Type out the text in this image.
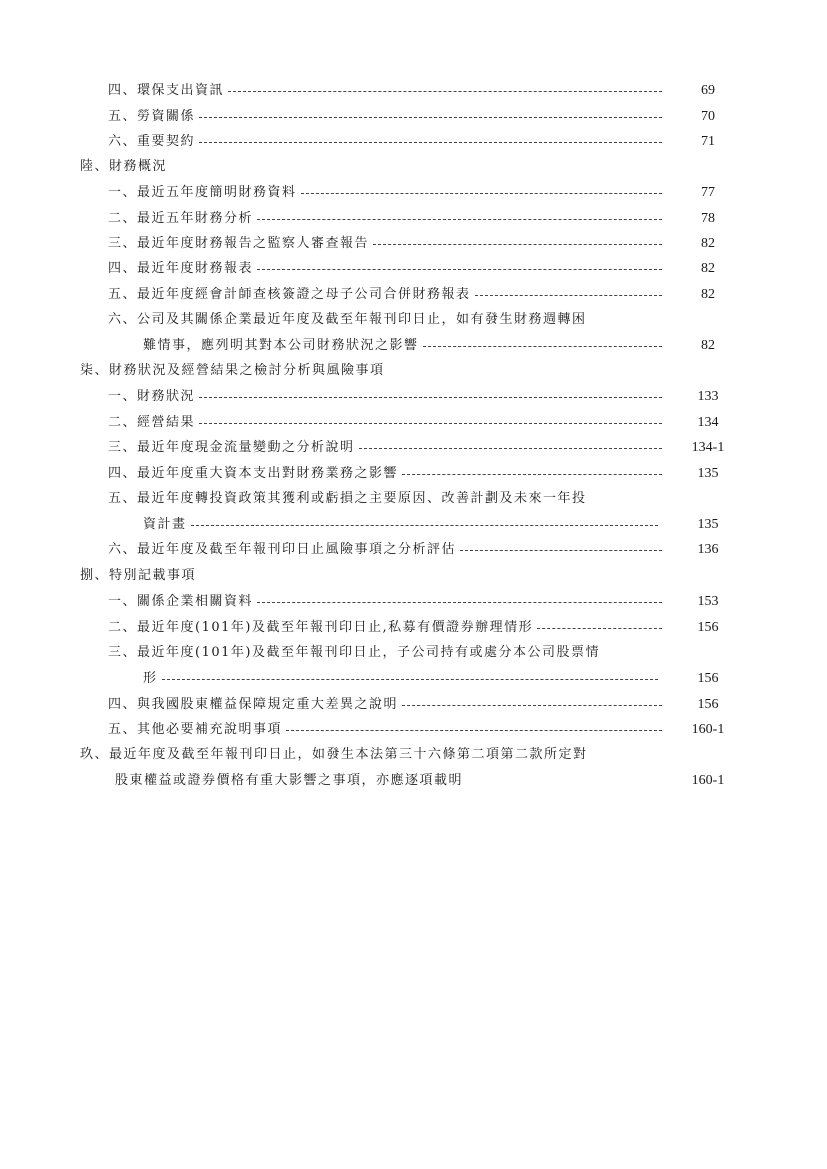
四、環保支出資訊	69
五、勞資關係	70
六、重要契約	71
陸、財務概況
一、最近五年度簡明財務資料	77
二、最近五年財務分析	78
三、最近年度財務報告之監察人審查報告	82
四、最近年度財務報表	82
五、最近年度經會計師查核簽證之母子公司合併財務報表	82
六、公司及其關係企業最近年度及截至年報刊印日止，如有發生財務週轉困
難情事，應列明其對本公司財務狀況之影響	82
柒、財務狀況及經營結果之檢討分析與風險事項
一、財務狀況	133
二、經營結果	134
三、最近年度現金流量變動之分析說明	134-1
四、最近年度重大資本支出對財務業務之影響	135
五、最近年度轉投資政策其獲利或虧損之主要原因、改善計劃及未來一年投
資計畫	135
六、最近年度及截至年報刊印日止風險事項之分析評估	136
捌、特別記載事項
一、關係企業相關資料	153
二、最近年度(101年)及截至年報刊印日止,私募有價證券辦理情形	156
三、最近年度(101年)及截至年報刊印日止，子公司持有或處分本公司股票情
形	156
四、與我國股東權益保障規定重大差異之說明	156
五、其他必要補充說明事項	160-1
玖、最近年度及截至年報刊印日止，如發生本法第三十六條第二項第二款所定對
股東權益或證券價格有重大影響之事項，亦應逐項載明	160-1
